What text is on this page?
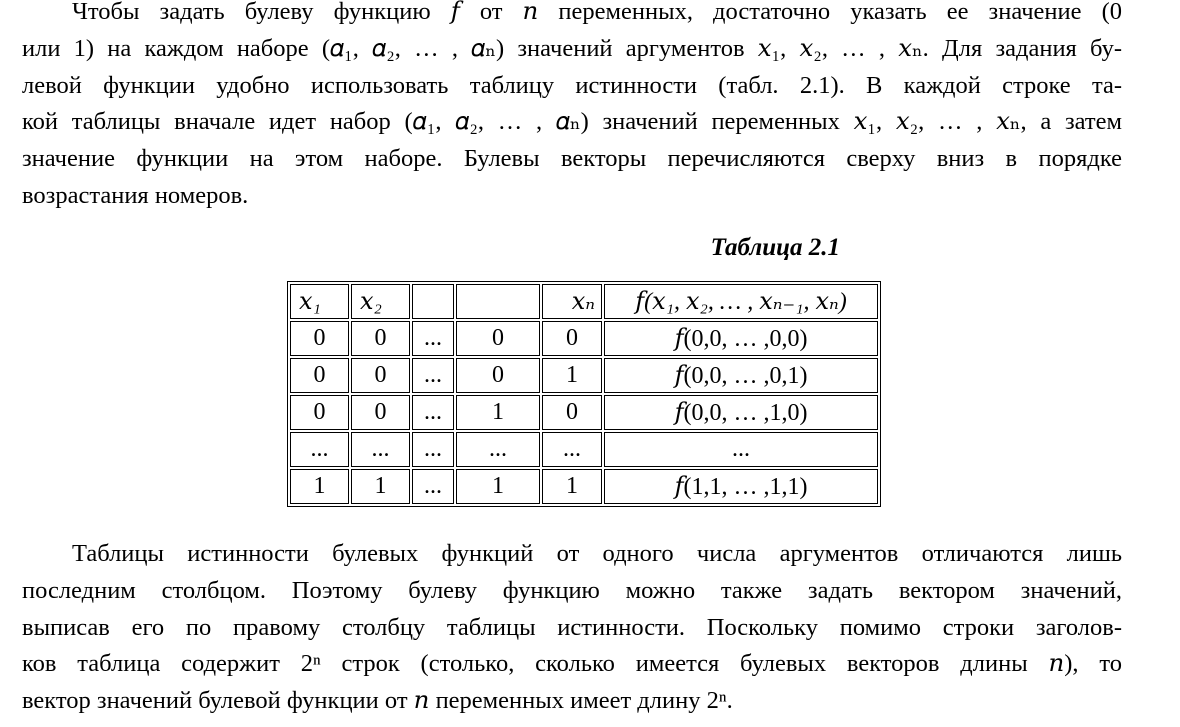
Чтобы задать булеву функцию 𝑓 от 𝑛 переменных, достаточно указать ее значение (0
или 1) на каждом наборе (𝛼₁, 𝛼₂, … , 𝛼ₙ) значений аргументов 𝑥₁, 𝑥₂, … , 𝑥ₙ. Для задания бу-
левой функции удобно использовать таблицу истинности (табл. 2.1). В каждой строке та-
кой таблицы вначале идет набор (𝛼₁, 𝛼₂, … , 𝛼ₙ) значений переменных 𝑥₁, 𝑥₂, … , 𝑥ₙ, а затем
значение функции на этом наборе. Булевы векторы перечисляются сверху вниз в порядке
возрастания номеров.
Таблица 2.1
𝑥₁	𝑥₂			𝑥ₙ	𝑓(𝑥₁, 𝑥₂, … , 𝑥ₙ₋₁, 𝑥ₙ)
0	0	...	0	0	𝑓(0,0, … ,0,0)
0	0	...	0	1	𝑓(0,0, … ,0,1)
0	0	...	1	0	𝑓(0,0, … ,1,0)
...	...	...	...	...	...
1	1	...	1	1	𝑓(1,1, … ,1,1)
Таблицы истинности булевых функций от одного числа аргументов отличаются лишь
последним столбцом. Поэтому булеву функцию можно также задать вектором значений,
выписав его по правому столбцу таблицы истинности. Поскольку помимо строки заголов-
ков таблица содержит 2ⁿ строк (столько, сколько имеется булевых векторов длины 𝑛), то
вектор значений булевой функции от 𝑛 переменных имеет длину 2ⁿ.
